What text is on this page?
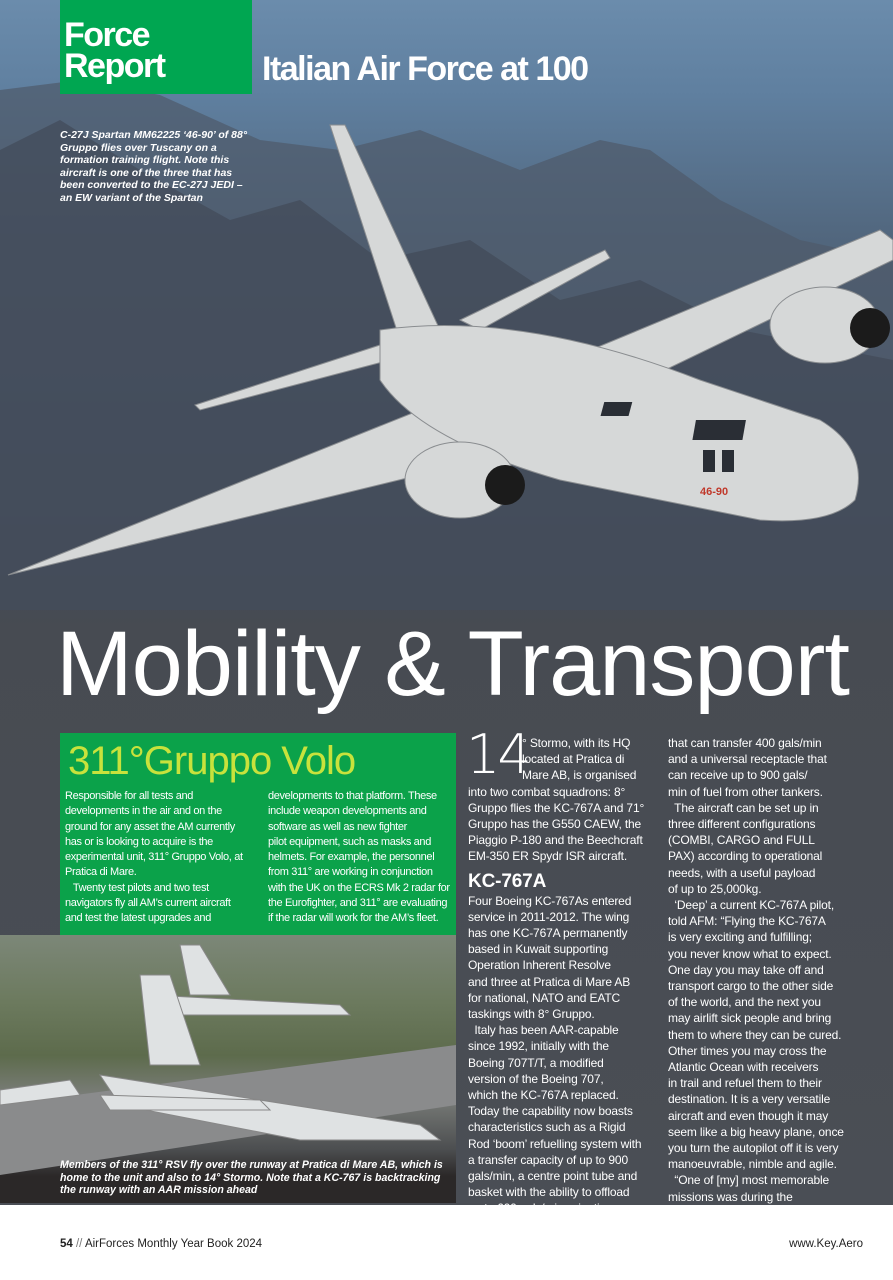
46-90
Force
Report	Italian Air Force at 100
C-27J Spartan MM62225 ‘46-90’ of 88° Gruppo flies over Tuscany on a formation training flight. Note this aircraft is one of the three that has been converted to the EC-27J JEDI – an EW variant of the Spartan
Mobility & Transport
311°Gruppo Volo
Responsible for all tests and
developments in the air and on the
ground for any asset the AM currently
has or is looking to acquire is the
experimental unit, 311° Gruppo Volo, at
Pratica di Mare.
Twenty test pilots and two test
navigators fly all AM’s current aircraft
and test the latest upgrades and
developments to that platform. These
include weapon developments and
software as well as new fighter
pilot equipment, such as masks and
helmets. For example, the personnel
from 311° are working in conjunction
with the UK on the ECRS Mk 2 radar for
the Eurofighter, and 311° are evaluating
if the radar will work for the AM’s fleet.
Members of the 311° RSV fly over the runway at Pratica di Mare AB, which is home to the unit and also to 14° Stormo. Note that a KC-767 is backtracking the runway with an AAR mission ahead
14
° Stormo, with its HQ
located at Pratica di
Mare AB, is organised
into two combat squadrons: 8°
Gruppo flies the KC-767A and 71°
Gruppo has the G550 CAEW, the
Piaggio P-180 and the Beechcraft
EM-350 ER Spydr ISR aircraft.
KC-767A
Four Boeing KC-767As entered
service in 2011-2012. The wing
has one KC-767A permanently
based in Kuwait supporting
Operation Inherent Resolve
and three at Pratica di Mare AB
for national, NATO and EATC
taskings with 8° Gruppo.
Italy has been AAR-capable
since 1992, initially with the
Boeing 707T/T, a modified
version of the Boeing 707,
which the KC-767A replaced.
Today the capability now boasts
characteristics such as a Rigid
Rod ‘boom’ refuelling system with
a transfer capacity of up to 900
gals/min, a centre point tube and
basket with the ability to offload
up to 600 gals/min, wingtip
points with tubes and baskets
that can transfer 400 gals/min
and a universal receptacle that
can receive up to 900 gals/
min of fuel from other tankers.
The aircraft can be set up in
three different configurations
(COMBI, CARGO and FULL
PAX) according to operational
needs, with a useful payload
of up to 25,000kg.
‘Deep’ a current KC-767A pilot,
told AFM: “Flying the KC-767A
is very exciting and fulfilling;
you never know what to expect.
One day you may take off and
transport cargo to the other side
of the world, and the next you
may airlift sick people and bring
them to where they can be cured.
Other times you may cross the
Atlantic Ocean with receivers
in trail and refuel them to their
destination. It is a very versatile
aircraft and even though it may
seem like a big heavy plane, once
you turn the autopilot off it is very
manoeuvrable, nimble and agile.
“One of [my] most memorable
missions was during the
evacuation of Afghanistan.
We landed in Kuwait and
54 // AirForces Monthly Year Book 2024	www.Key.Aero
